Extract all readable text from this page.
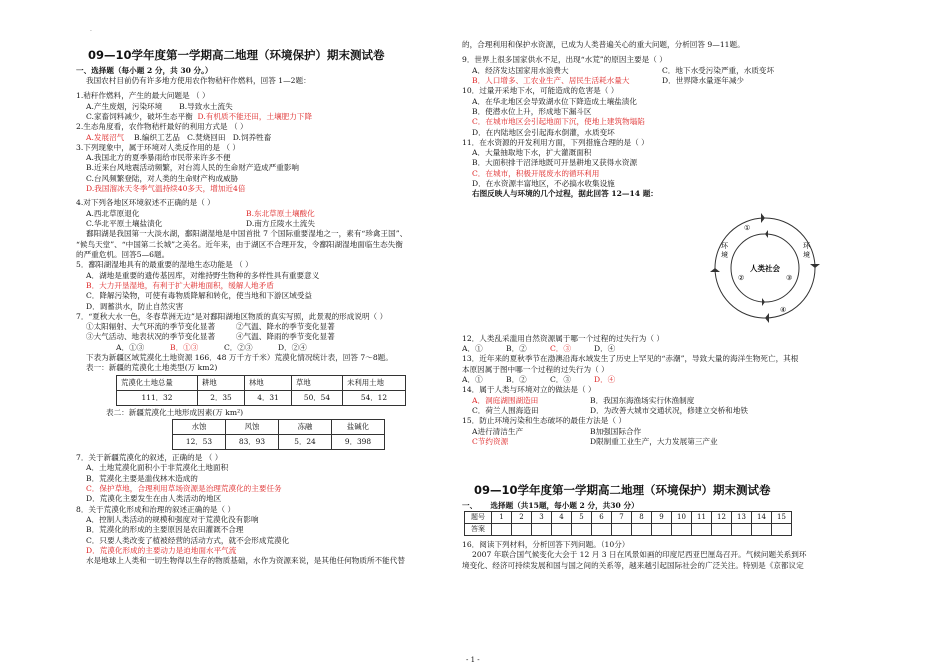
·
09—10学年度第一学期高二地理（环境保护）期末测试卷
一、选择题（每小题 2 分，共 30 分。）
我国农村目前仍有许多地方使用农作物秸秆作燃料，回答 1—2题：
1.秸秆作燃料，产生的最大问题是 （ ）
A.产生废烟，污染环境 B.导致水土流失
C.家畜饲料减少，破坏生态平衡 D.有机质不能还田，土壤肥力下降
2.生态角度看，农作物秸杆最好的利用方式是 （ ）
A.发展沼气 B.编织工艺品 C.焚烧回田 D.饲养牲畜
3.下列现象中，属于环境对人类反作用的是 （ ）
A.我国北方的夏季暴雨给市民带来许多不便
B.近来台风地震活动频繁，对台湾人民的生命财产造成严重影响
C.台风频繁登陆，对人类的生命财产构成威胁
D.我国溜冰天冬季气温持续40多天，增加近4倍
4.对下列各地区环境叙述不正确的是（ ）
A.西北草原退化	B.东北草原土壤酸化
C.华北平原土壤盐渍化	D.南方丘陵水土流失
鄱阳湖是我国第一大淡水湖，鄱阳湖湿地是中国首批 7 个国际重要湿地之一，素有“珍禽王国”、
“候鸟天堂”、“中国第二长城”之美名。近年来，由于湖区不合理开发，令鄱阳湖湿地面临生态失衡
的严重危机。回答5—6题。
5．鄱阳湖湿地具有的最重要的湿地生态功能是 （ ）
A．湖地是重要的遗传基因库，对维持野生物种的多样性具有重要意义
B．大力开垦湿地，有利于扩大耕地面积，缓解人地矛盾
C．降解污染物，可使有毒物质降解和转化，使当地和下游区域受益
D．调蓄洪水，防止自然灾害
7．“夏秋大水一色，冬春草洲无边”是对鄱阳湖地区物质的真实写照，此景观的形成说明（ ）
①太阳辐射、大气环流的季节变化显著	②气温、降水的季节变化显著
③大气活动、地表状况的季节变化显著	④气温、降雨的季节变化显著
A．①③	B．①③	C．②③	D．②④
下表为新疆区域荒漠化土地资源 166．48 万千方千米）荒漠化情况统计表，回答 7～8题。
表一：新疆的荒漠化土地类型(万 km2)
荒漠化土地总量	耕地	林地	草地	未利用土地
111．32	2．35	4．31	50．54	54．12
表二：新疆荒漠化土地形成因素(万 km²)
水蚀	风蚀	冻融	盐碱化
12．53	83．93	5．24	9．398
7．关于新疆荒漠化的叙述，正确的是 （ ）
A．土地荒漠化面积小于非荒漠化土地面积
B．荒漠化主要是滥伐林木造成的
C．保护草地，合理利用草场资源是治理荒漠化的主要任务
D．荒漠化主要发生在由人类活动的地区
8．关于荒漠化形成和治理的叙述正确的是（ ）
A．控制人类活动的规模和强度对于荒漠化没有影响
B．荒漠化的形成的主要原因是农田灌溉不合理
C．只要人类改变了植被经营的活动方式，就不会形成荒漠化
D．荒漠化形成的主要动力是迫地面水平气流
水是地球上人类和一切生物得以生存的物质基础，水作为资源来说，是其他任何物质所不能代替
的，合理利用和保护水资源，已成为人类普遍关心的重大问题，分析回答 9—11题。
9．世界上很多国家供水不足，出现“水荒”的原因主要是（ ）
A．经济发达国家用水浪费大	C．地下水受污染严重，水质变坏
B．人口增多、工农业生产、居民生活耗水量大	D．世界降水量逐年减少
10．过量开采地下水，可能造成的危害是（ ）
A．在华北地区会导致湖水位下降造成土壤盐渍化
B．使潜水位上升，形成地下漏斗区
C．在城市地区会引起地面下沉，使地上建筑物塌陷
D．在内陆地区会引起海水倒灌，水质变坏
11．在水资源的开发利用方面，下列措施合理的是（ ）
A．大量抽取地下水，扩大灌溉面积
B．大面积排干沼泽地既可开垦耕地又获得水资源
C．在城市，积极开展废水的循环利用
D．在水资源丰富地区，不必搞水收集设施
右图反映人与环境的几个过程，据此回答 12—14 题：
人类社会
环
境
环
境
①
②	③
④
12．人类乱采滥用自然资源属于哪一个过程的过失行为（ ）
A．①	B．②	C．③	D．④
13．近年来的夏秋季节在渤澳沿海水域发生了历史上罕见的“赤潮”，导致大量的海洋生物死亡，其根
本原因属于图中哪一个过程的过失行为（ ）
A．①	B．②	C．③	D．④
14．属于人类与环境对立的做法是（ ）
A．洞庭湖围湖造田	B．我国东海渔场实行休渔制度
C．荷兰人围海造田	D．为改善大城市交通状况，修建立交桥和地铁
15．防止环境污染和生态破坏的最佳方法是（ ）
A进行清洁生产	B加强国际合作
C节约资源	D限制重工业生产，大力发展第三产业
09—10学年度第一学期高二地理（环境保护）期末测试卷
一、 选择题（共15题，每小题 2 分，共30 分）
题号	1	2	3	4	5	6	7	8	9	10	11	12	13	14	15
答案															
16．阅读下列材料，分析回答下列问题。（10分）
2007 年联合国气候变化大会于 12 月 3 日在风景如画的印度尼西亚巴厘岛召开。气候问题关系到环
境变化、经济可持续发展和国与国之间的关系等，越来越引起国际社会的广泛关注。特别是《京都议定
- 1 -
